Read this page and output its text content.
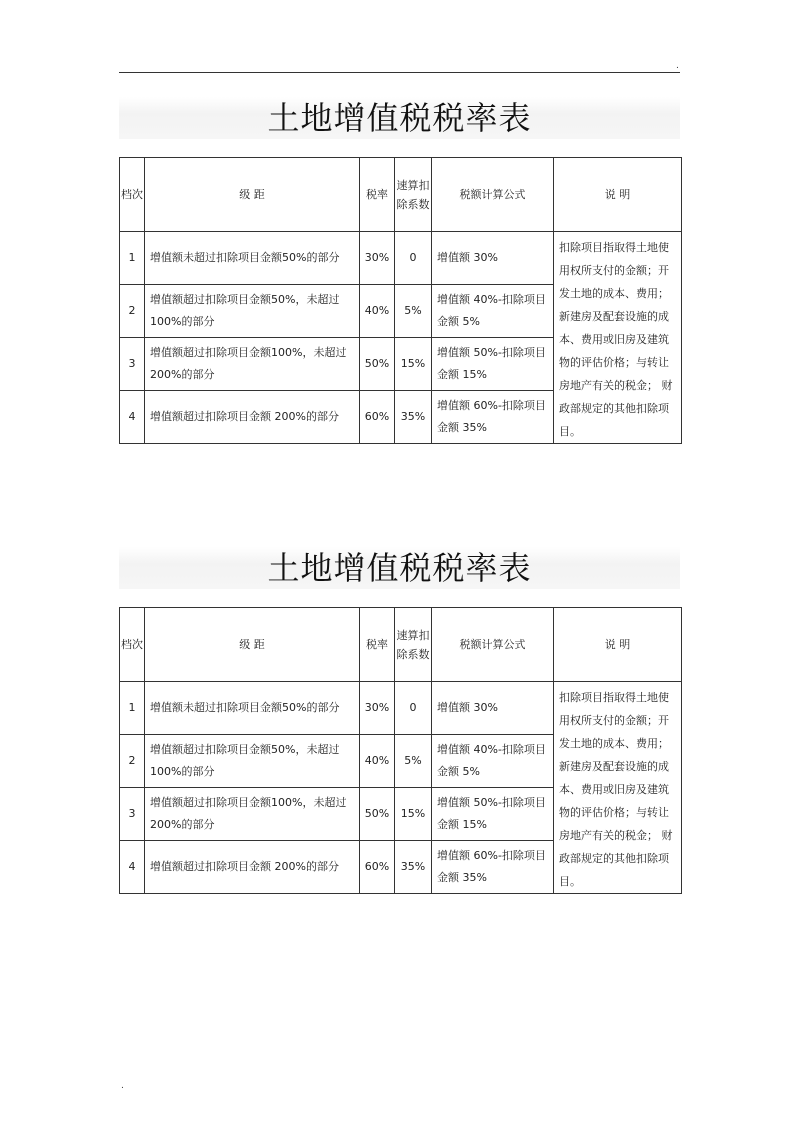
.
土地增值税税率表
档次	级 距	税率	速算扣除系数	税额计算公式	说 明
1	增值额未超过扣除项目金额50%的部分	30%	0	增值额 30%	扣除项目指取得土地使用权所支付的金额；开发土地的成本、费用；新建房及配套设施的成本、费用或旧房及建筑物的评估价格；与转让房地产有关的税金； 财政部规定的其他扣除项目。
2	增值额超过扣除项目金额50%，未超过 100%的部分	40%	5%	增值额 40%-扣除项目金额 5%	
3	增值额超过扣除项目金额100%，未超过 200%的部分	50%	15%	增值额 50%-扣除项目金额 15%	
4	增值额超过扣除项目金额 200%的部分	60%	35%	增值额 60%-扣除项目金额 35%	
土地增值税税率表
档次	级 距	税率	速算扣除系数	税额计算公式	说 明
1	增值额未超过扣除项目金额50%的部分	30%	0	增值额 30%	扣除项目指取得土地使用权所支付的金额；开发土地的成本、费用；新建房及配套设施的成本、费用或旧房及建筑物的评估价格；与转让房地产有关的税金； 财政部规定的其他扣除项目。
2	增值额超过扣除项目金额50%，未超过 100%的部分	40%	5%	增值额 40%-扣除项目金额 5%	
3	增值额超过扣除项目金额100%，未超过 200%的部分	50%	15%	增值额 50%-扣除项目金额 15%	
4	增值额超过扣除项目金额 200%的部分	60%	35%	增值额 60%-扣除项目金额 35%	
.
